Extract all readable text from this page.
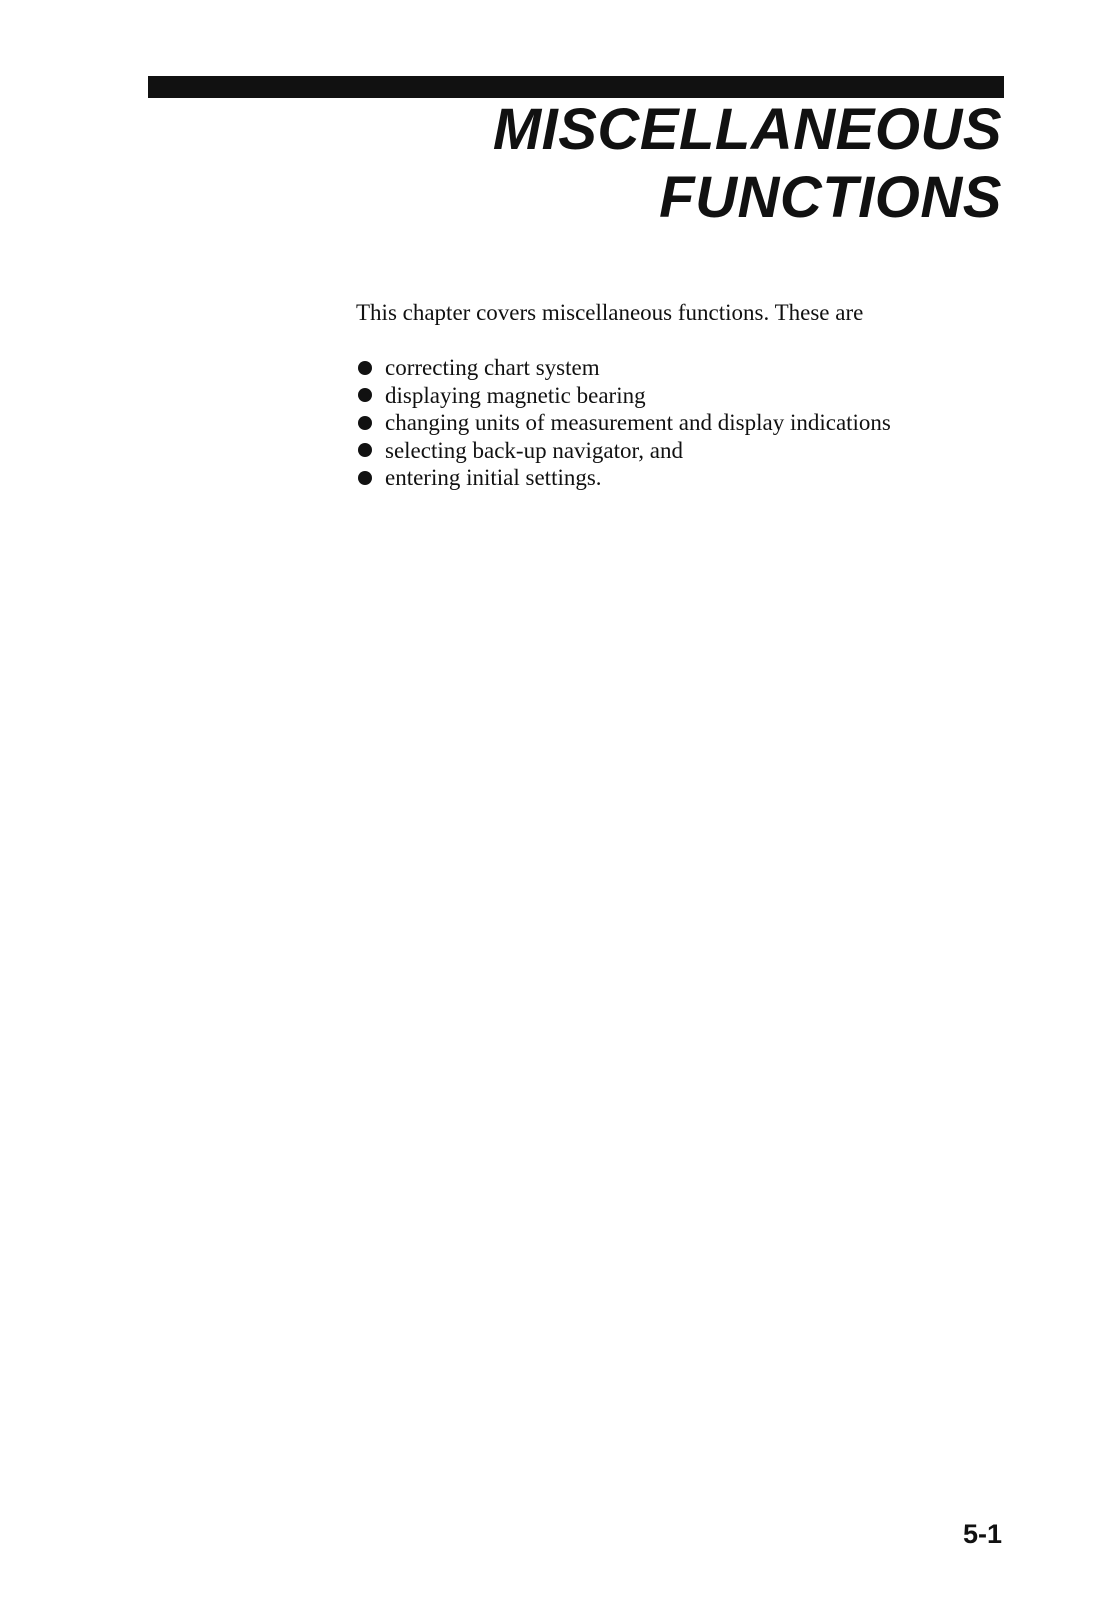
MISCELLANEOUS
FUNCTIONS

This chapter covers miscellaneous functions. These are

correcting chart system
displaying magnetic bearing
changing units of measurement and display indications
selecting back-up navigator, and
entering initial settings.

5-1
